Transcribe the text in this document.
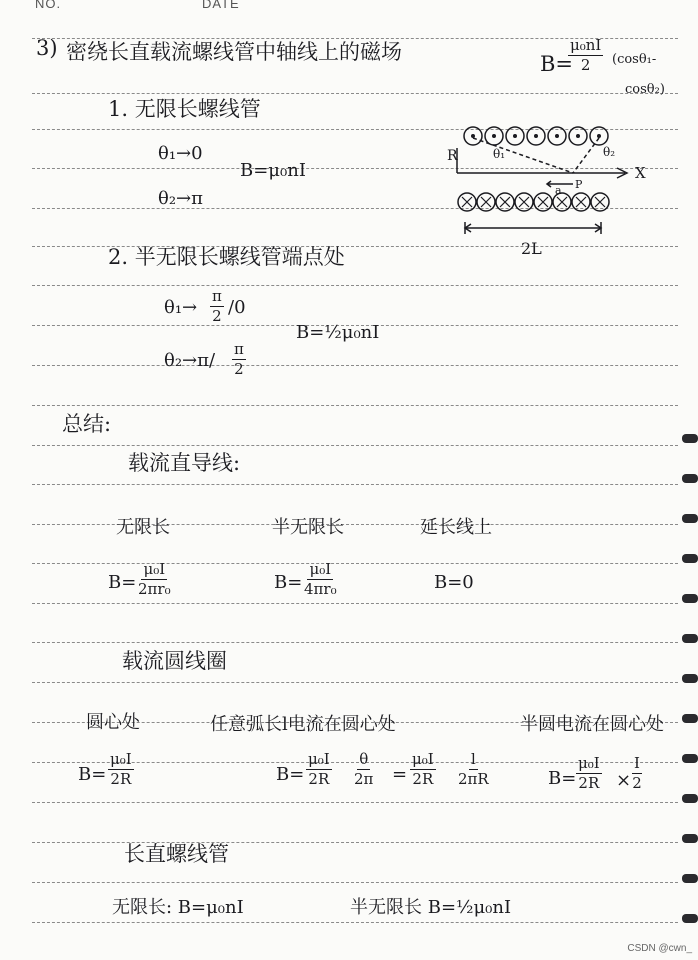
NO.	DATE
3) 密绕长直载流螺线管中轴线上的磁场	B=
$\frac{\text{μ₀nI}}{2} (\cos\theta_1-$
cosθ₂)
1. 无限长螺线管
θ₁→0
B=μ₀nI
θ₂→π
R	θ₁	θ₂
X
a P
2L
2. 半无限长螺线管端点处
$\theta_1\to \frac{\pi}{2} /0$
B=½μ₀nI
$\theta_2\to\pi/ \frac{\pi}{2}$
总结:
载流直导线:
无限长	半无限长	延长线上
$B= \frac{\text{μ₀I}}{\text{2πr₀}}$	$B= \frac{\text{μ₀I}}{\text{4πr₀}}$	B=0
载流圆线圈
圆心处	任意弧长l电流在圆心处	半圆电流在圆心处
$B= \frac{\text{μ₀I}}{2R}$	$B= \frac{\text{μ₀I}}{2R} \frac{\theta}{2\pi} = \frac{\text{μ₀I}}{2R} \frac{l}{2\pi R}$	$B= \frac{\text{μ₀I}}{2R} \times \frac{I}{2}$
长直螺线管
无限长: B=μ₀nI	半无限长 B=½μ₀nI
CSDN @cwn_
